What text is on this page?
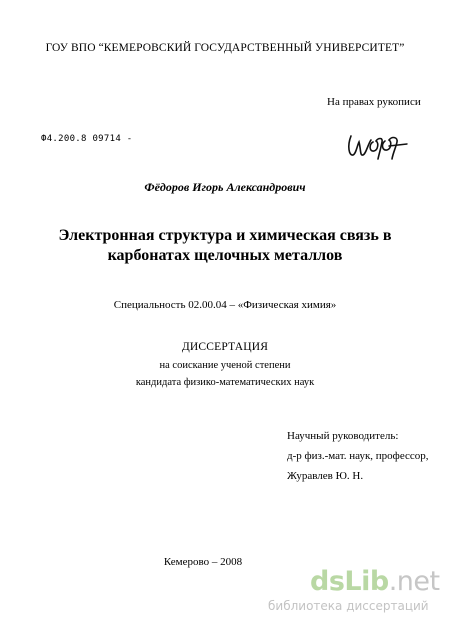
ГОУ ВПО “КЕМЕРОВСКИЙ ГОСУДАРСТВЕННЫЙ УНИВЕРСИТЕТ”
На правах рукописи
Ф4.200.8 09714 -
Фёдоров Игорь Александрович
Электронная структура и химическая связь в
карбонатах щелочных металлов
Специальность 02.00.04 – «Физическая химия»
ДИССЕРТАЦИЯ
на соискание ученой степени
кандидата физико-математических наук
Научный руководитель:
д-р физ.-мат. наук, профессор,
Журавлев Ю. Н.
Кемерово – 2008
dsLib.net
библиотека диссертаций
